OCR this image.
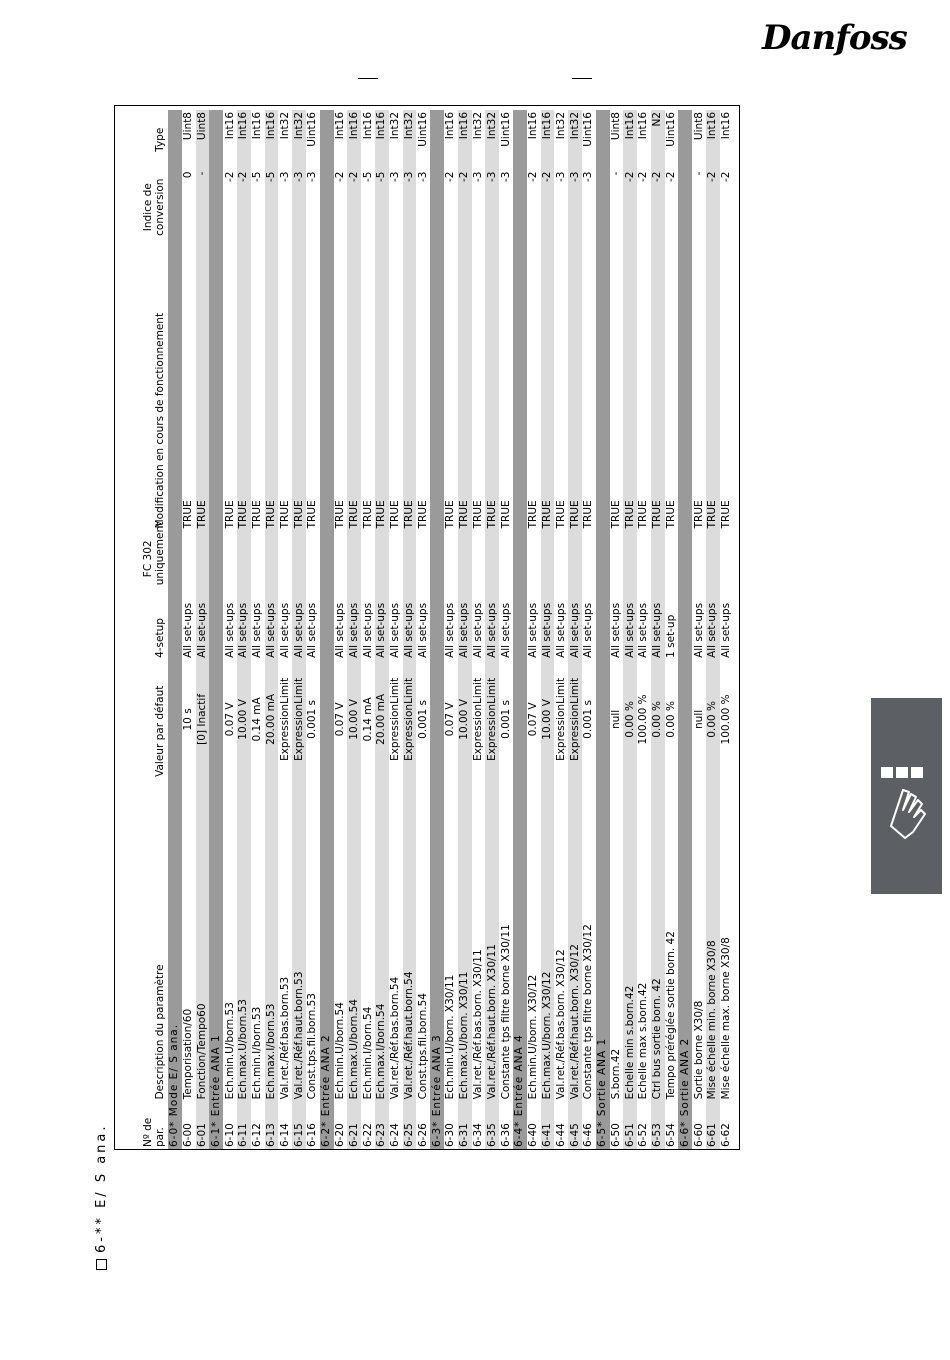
Danfoss
6-** E/ S ana.	Nº de par.	Description du paramètre	Valeur par défaut	4-setup	FC 302 uniquement	Modification en cours de fonctionnement	Indice de conversion	Type
6-0* Mode E/ S ana.							
6-00	Temporisation/60	10 s	All set-ups		TRUE	0	Uint8
6-01	Fonction/Tempo60	[0] Inactif	All set-ups		TRUE	-	Uint8
6-1* Entrée ANA 1							
6-10	Ech.min.U/born.53	0.07 V	All set-ups		TRUE	-2	Int16
6-11	Ech.max.U/born.53	10.00 V	All set-ups		TRUE	-2	Int16
6-12	Ech.min.I/born.53	0.14 mA	All set-ups		TRUE	-5	Int16
6-13	Ech.max.I/born.53	20.00 mA	All set-ups		TRUE	-5	Int16
6-14	Val.ret./Réf.bas.born.53	ExpressionLimit	All set-ups		TRUE	-3	Int32
6-15	Val.ret./Réf.haut.born.53	ExpressionLimit	All set-ups		TRUE	-3	Int32
6-16	Const.tps.fil.born.53	0.001 s	All set-ups		TRUE	-3	Uint16
6-2* Entrée ANA 2							
6-20	Ech.min.U/born.54	0.07 V	All set-ups		TRUE	-2	Int16
6-21	Ech.max.U/born.54	10.00 V	All set-ups		TRUE	-2	Int16
6-22	Ech.min.I/born.54	0.14 mA	All set-ups		TRUE	-5	Int16
6-23	Ech.max.I/born.54	20.00 mA	All set-ups		TRUE	-5	Int16
6-24	Val.ret./Réf.bas.born.54	ExpressionLimit	All set-ups		TRUE	-3	Int32
6-25	Val.ret./Réf.haut.born.54	ExpressionLimit	All set-ups		TRUE	-3	Int32
6-26	Const.tps.fil.born.54	0.001 s	All set-ups		TRUE	-3	Uint16
6-3* Entrée ANA 3							
6-30	Ech.min.U/born. X30/11	0.07 V	All set-ups		TRUE	-2	Int16
6-31	Ech.max.U/born. X30/11	10.00 V	All set-ups		TRUE	-2	Int16
6-34	Val.ret./Réf.bas.born. X30/11	ExpressionLimit	All set-ups		TRUE	-3	Int32
6-35	Val.ret./Réf.haut.born. X30/11	ExpressionLimit	All set-ups		TRUE	-3	Int32
6-36	Constante tps filtre borne X30/11	0.001 s	All set-ups		TRUE	-3	Uint16
6-4* Entrée ANA 4							
6-40	Ech.min.U/born. X30/12	0.07 V	All set-ups		TRUE	-2	Int16
6-41	Ech.max.U/born. X30/12	10.00 V	All set-ups		TRUE	-2	Int16
6-44	Val.ret./Réf.bas.born. X30/12	ExpressionLimit	All set-ups		TRUE	-3	Int32
6-45	Val.ret./Réf.haut.born. X30/12	ExpressionLimit	All set-ups		TRUE	-3	Int32
6-46	Constante tps filtre borne X30/12	0.001 s	All set-ups		TRUE	-3	Uint16
6-5* Sortie ANA 1							
6-50	S.born.42	null	All set-ups		TRUE	-	Uint8
6-51	Echelle min s.born.42	0.00 %	All set-ups		TRUE	-2	Int16
6-52	Echelle max s.born.42	100.00 %	All set-ups		TRUE	-2	Int16
6-53	Ctrl bus sortie born. 42	0.00 %	All set-ups		TRUE	-2	N2
6-54	Tempo préréglée sortie born. 42	0.00 %	1 set-up		TRUE	-2	Uint16
6-6* Sortie ANA 2							
6-60	Sortie borne X30/8	null	All set-ups		TRUE	-	Uint8
6-61	Mise échelle min. borne X30/8	0.00 %	All set-ups		TRUE	-2	Int16
6-62	Mise échelle max. borne X30/8	100.00 %	All set-ups		TRUE	-2	Int16
